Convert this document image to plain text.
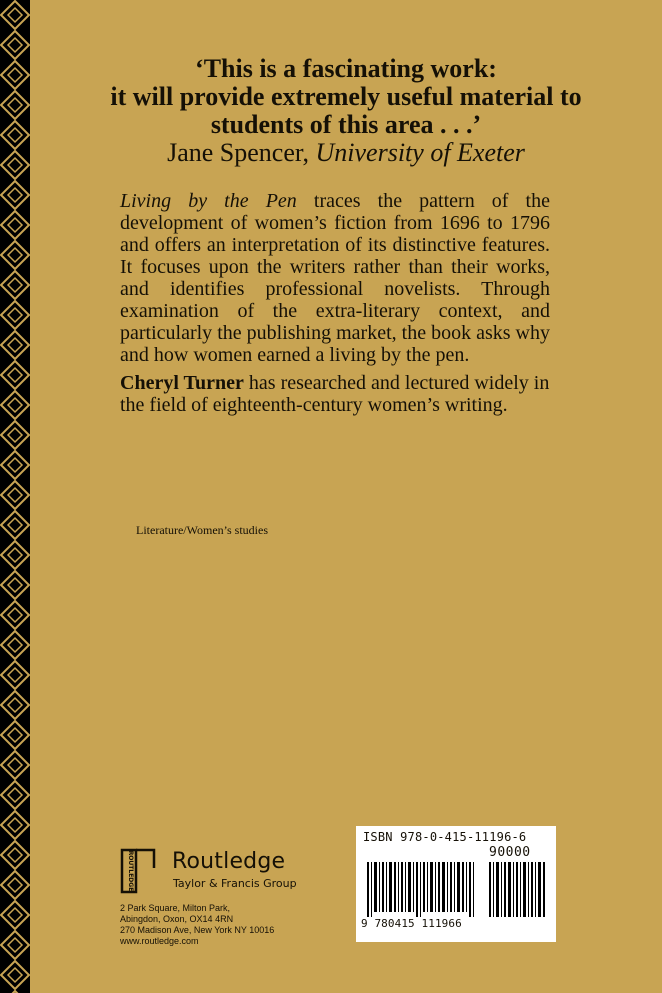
‘This is a fascinating work:
it will provide extremely useful material to
students of this area . . .’
Jane Spencer, University of Exeter

Living by the Pen traces the pattern of the development of women’s fiction from 1696 to 1796 and offers an interpretation of its distinctive features. It focuses upon the writers rather than their works, and identifies professional novelists. Through examination of the extra-literary context, and particularly the publishing market, the book asks why and how women earned a living by the pen.

Cheryl Turner has researched and lectured widely in the field of eighteenth-century women’s writing.

Literature/Women’s studies

ROUTLEDGE Routledge
Taylor & Francis Group

2 Park Square, Milton Park,
Abingdon, Oxon, OX14 4RN
270 Madison Ave, New York NY 10016
www.routledge.com

ISBN 978-0-415-11196-6
90000
9 780415 111966
